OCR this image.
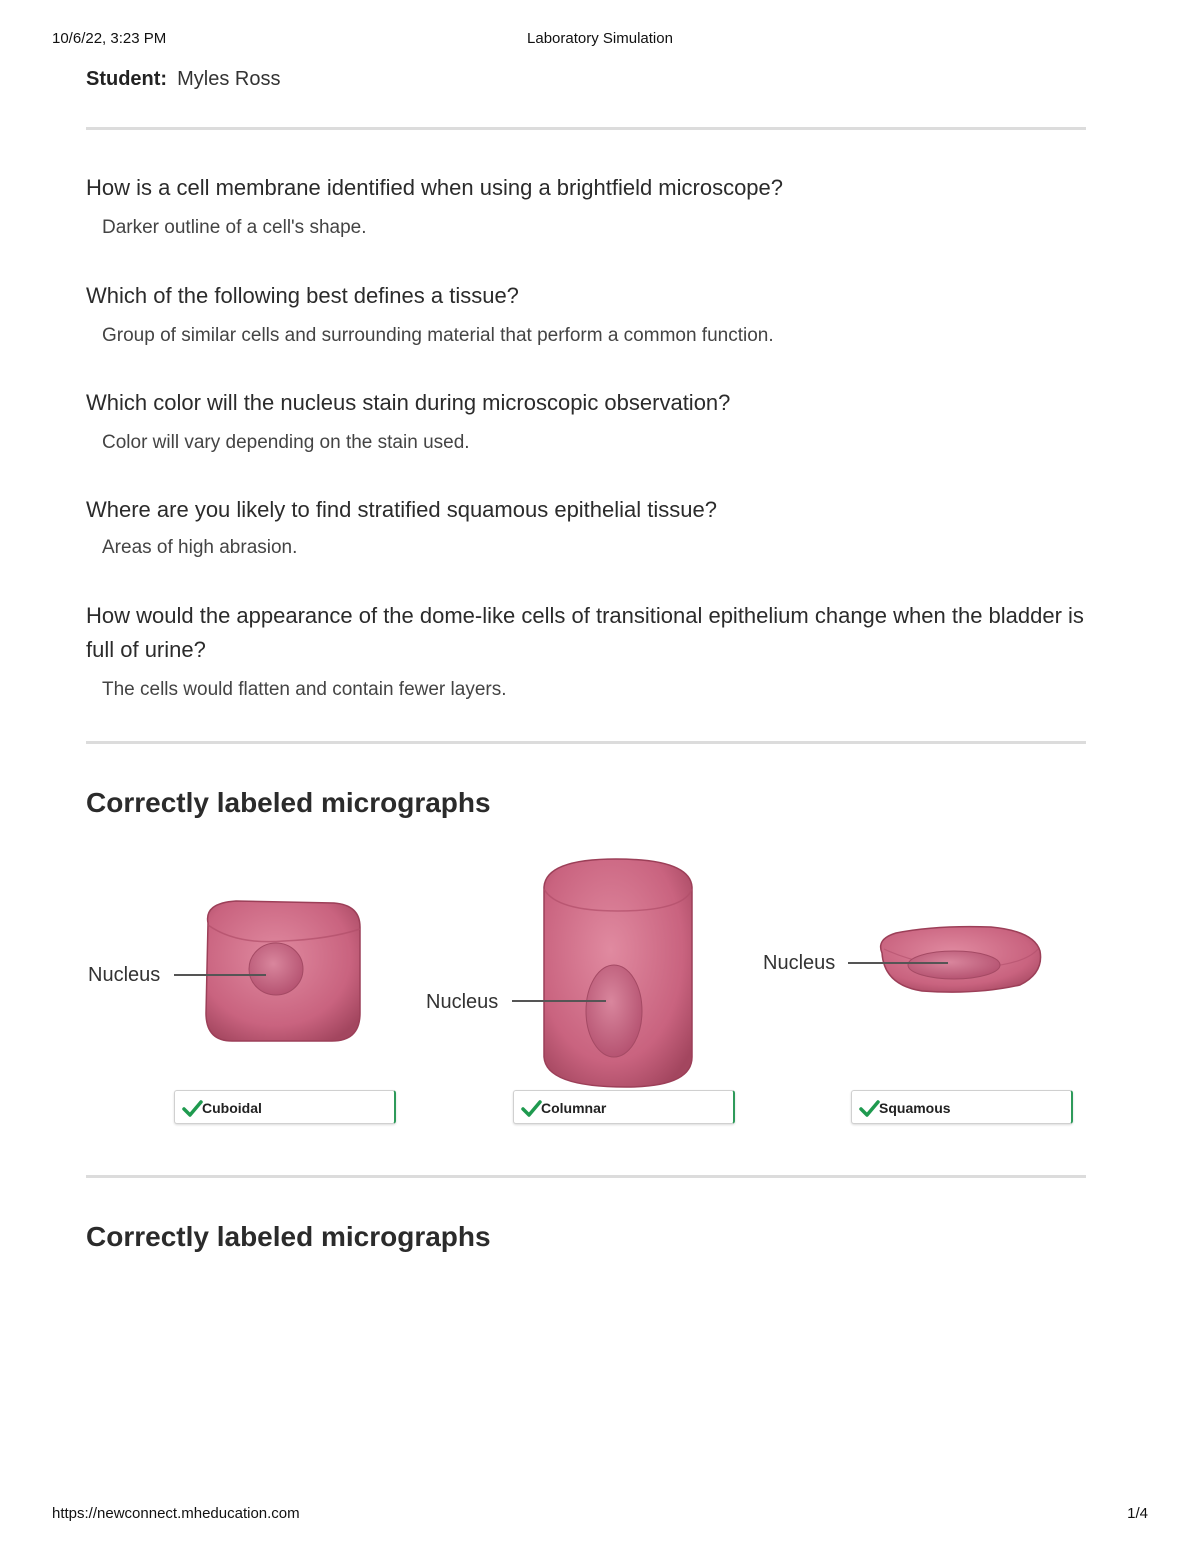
10/6/22, 3:23 PM	Laboratory Simulation
Student: Myles Ross
How is a cell membrane identified when using a brightfield microscope?
Darker outline of a cell's shape.
Which of the following best defines a tissue?
Group of similar cells and surrounding material that perform a common function.
Which color will the nucleus stain during microscopic observation?
Color will vary depending on the stain used.
Where are you likely to find stratified squamous epithelial tissue?
Areas of high abrasion.
How would the appearance of the dome-like cells of transitional epithelium change when the bladder is full of urine?
The cells would flatten and contain fewer layers.
Correctly labeled micrographs
Correctly labeled micrographs
Nucleus
Nucleus
Nucleus
Cuboidal	Columnar	Squamous
https://newconnect.mheducation.com	1/4
